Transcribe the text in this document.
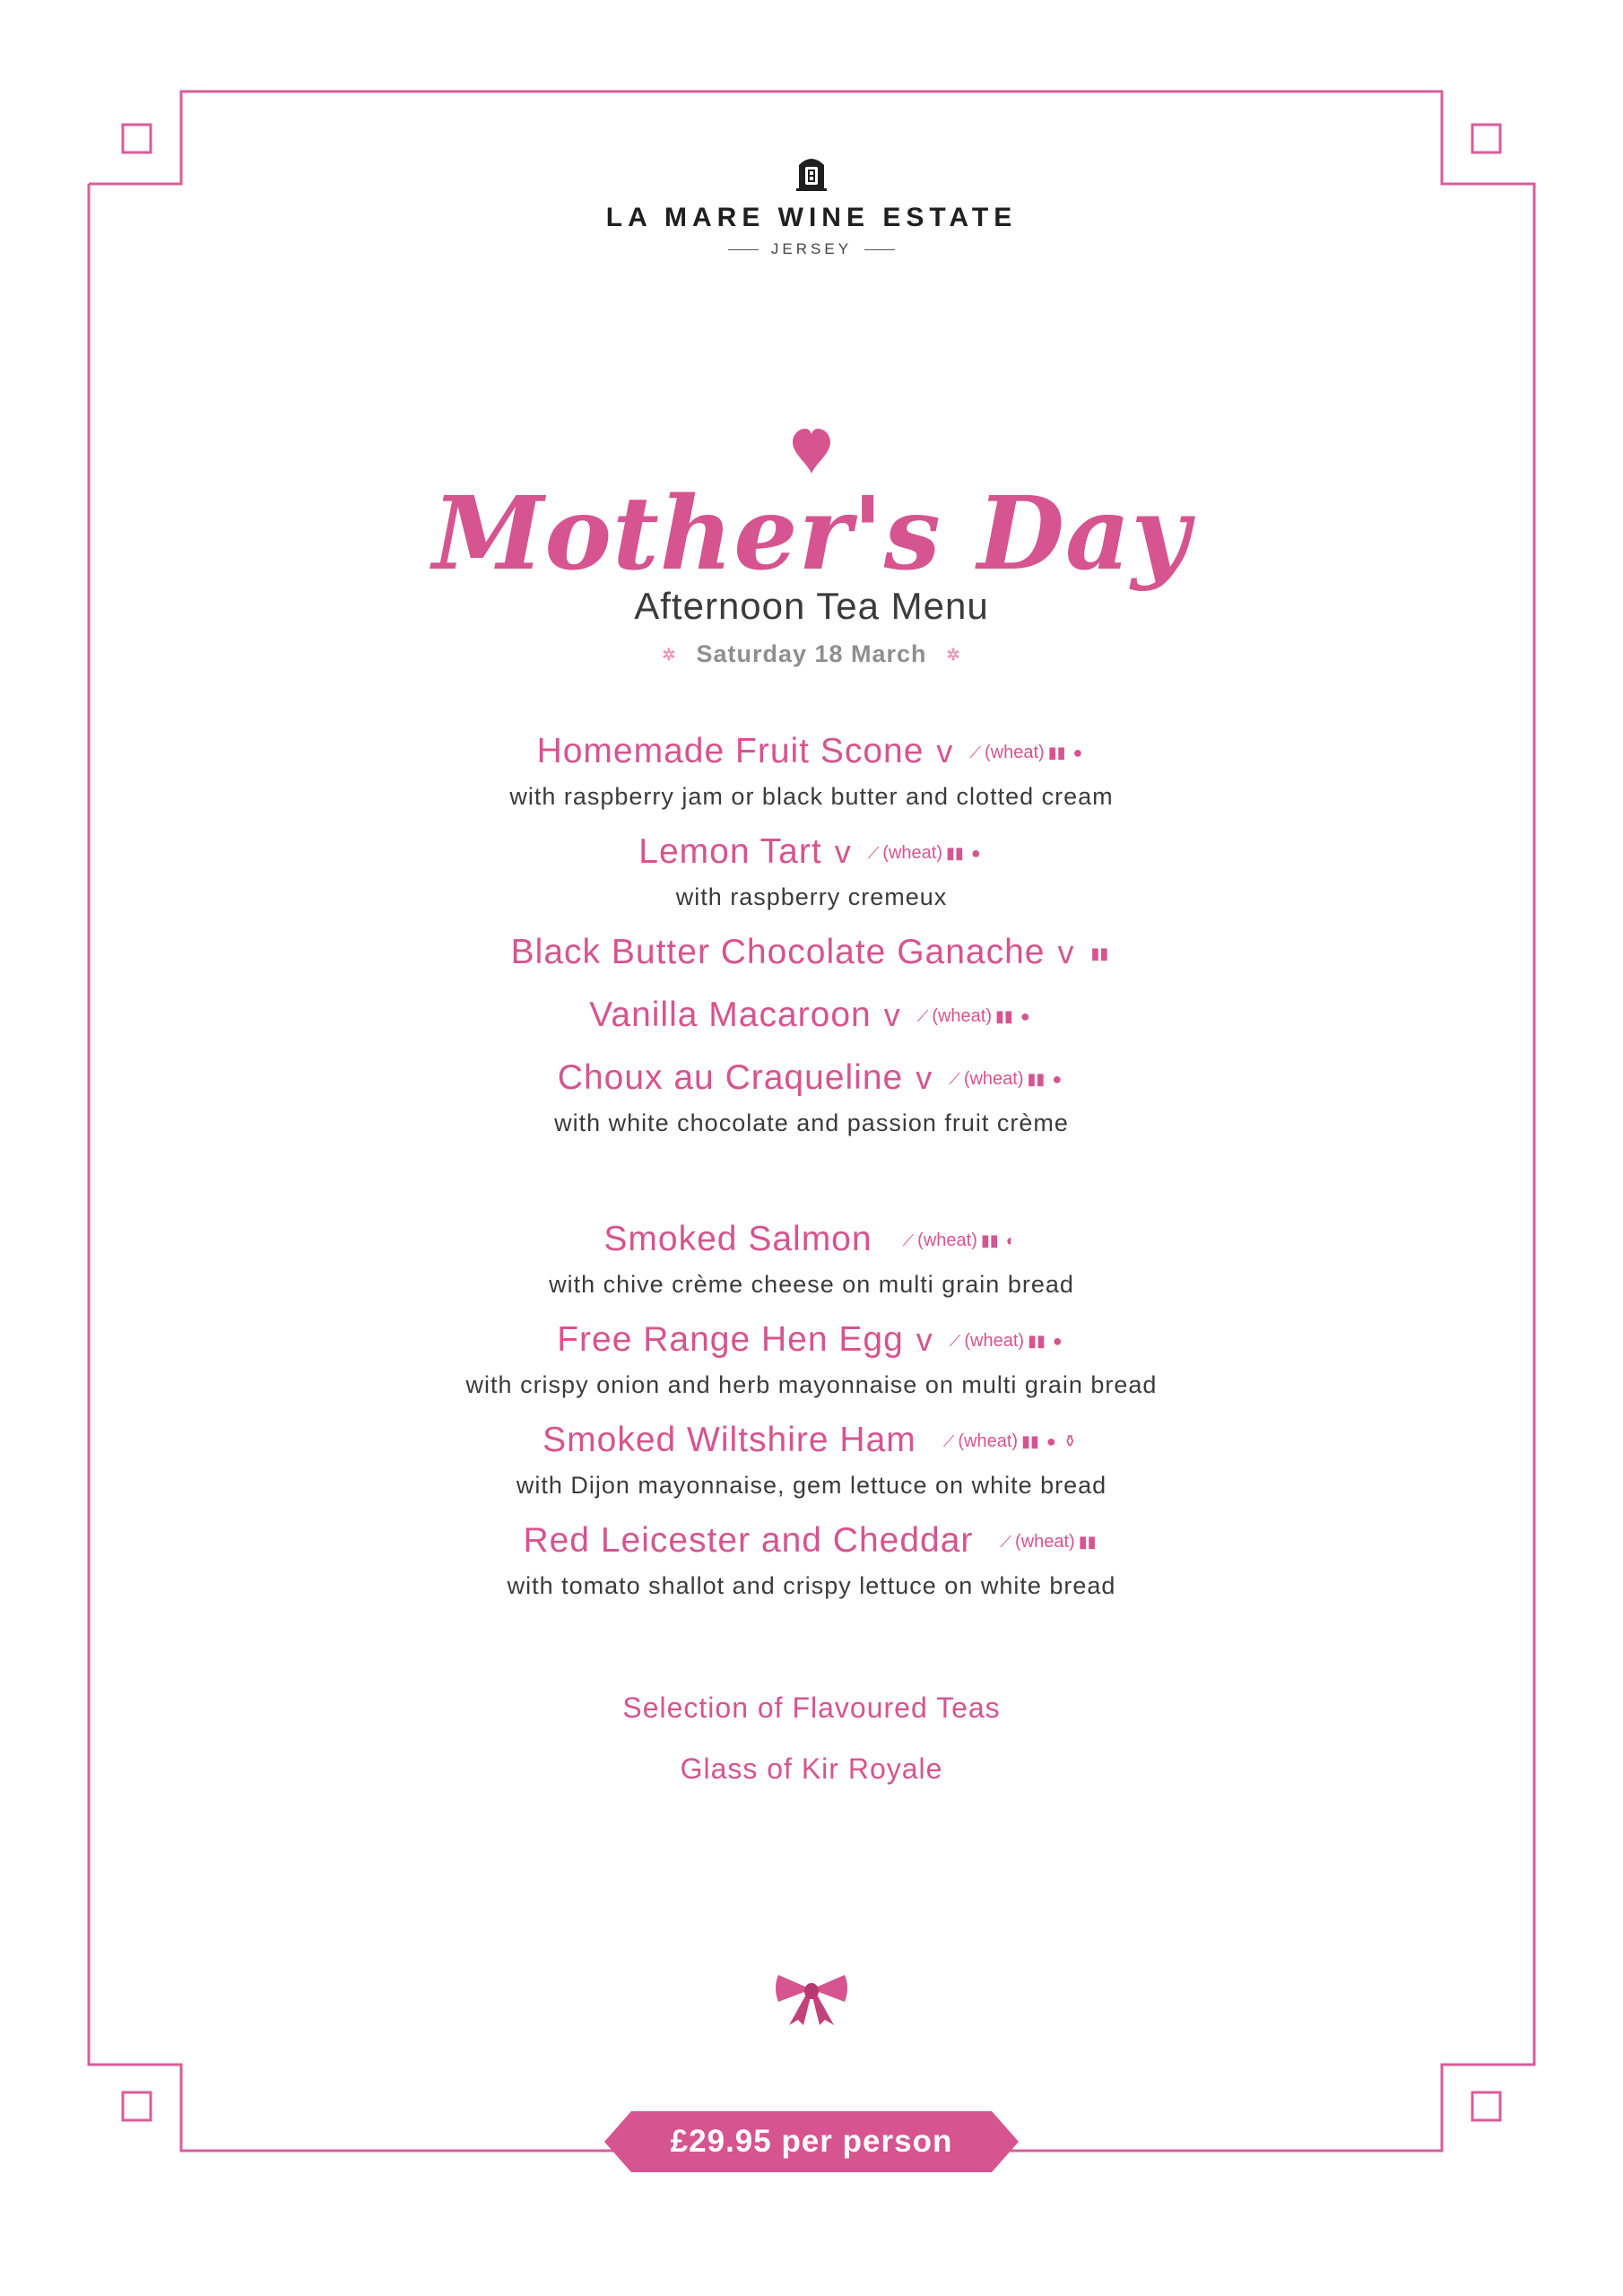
LA MARE WINE ESTATE
JERSEY
Mother's Day
Afternoon Tea Menu
✲ Saturday 18 March ✲
Homemade Fruit Scone v ⟋ (wheat) ▮▮ ●
with raspberry jam or black butter and clotted cream
Lemon Tart v ⟋ (wheat) ▮▮ ●
with raspberry cremeux
Black Butter Chocolate Ganache v ▮▮
Vanilla Macaroon v ⟋ (wheat) ▮▮ ●
Choux au Craqueline v ⟋ (wheat) ▮▮ ●
with white chocolate and passion fruit crème
Smoked Salmon ⟋ (wheat) ▮▮ ◐
with chive crème cheese on multi grain bread
Free Range Hen Egg v ⟋ (wheat) ▮▮ ●
with crispy onion and herb mayonnaise on multi grain bread
Smoked Wiltshire Ham ⟋ (wheat) ▮▮ ● ⚱
with Dijon mayonnaise, gem lettuce on white bread
Red Leicester and Cheddar ⟋ (wheat) ▮▮
with tomato shallot and crispy lettuce on white bread
Selection of Flavoured Teas
Glass of Kir Royale
£29.95 per person
